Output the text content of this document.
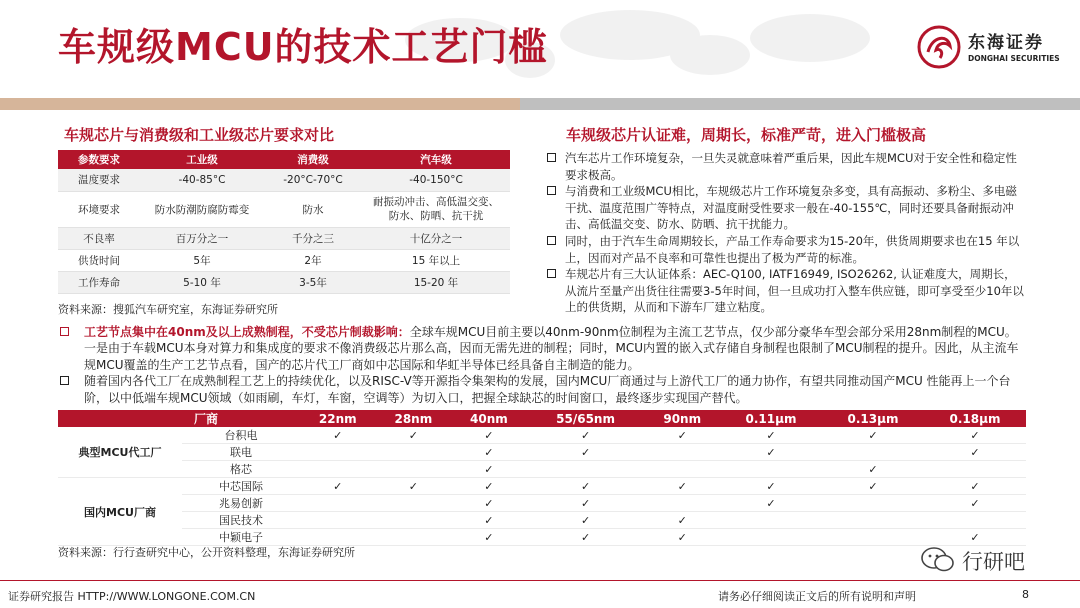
车规级MCU的技术工艺门槛	东海证券
DONGHAI SECURITIES
车规芯片与消费级和工业级芯片要求对比
参数要求	工业级	消费级	汽车级
温度要求	-40-85°C	-20°C-70°C	-40-150°C
环境要求	防水防潮防腐防霉变	防水	耐振动冲击、高低温交变、防水、防晒、抗干扰
不良率	百万分之一	千分之三	十亿分之一
供货时间	5年	2年	15 年以上
工作寿命	5-10 年	3-5年	15-20 年
资料来源：搜狐汽车研究室，东海证券研究所
车规级芯片认证难，周期长，标准严苛，进入门槛极高
汽车芯片工作环境复杂，一旦失灵就意味着严重后果，因此车规MCU对于安全性和稳定性要求极高。
与消费和工业级MCU相比，车规级芯片工作环境复杂多变，具有高振动、多粉尘、多电磁干扰、温度范围广等特点，对温度耐受性要求一般在-40-155℃，同时还要具备耐振动冲击、高低温交变、防水、防晒、抗干扰能力。
同时，由于汽车生命周期较长，产品工作寿命要求为15-20年，供货周期要求也在15 年以上，因而对产品不良率和可靠性也提出了极为严苛的标准。
车规芯片有三大认证体系：AEC-Q100, IATF16949, ISO26262, 认证难度大，周期长，从流片至量产出货往往需要3-5年时间，但一旦成功打入整车供应链，即可享受至少10年以上的供货期，从而和下游车厂建立粘度。
工艺节点集中在40nm及以上成熟制程，不受芯片制裁影响：全球车规MCU目前主要以40nm-90nm位制程为主流工艺节点，仅少部分豪华车型会部分采用28nm制程的MCU。一是由于车载MCU本身对算力和集成度的要求不像消费级芯片那么高，因而无需先进的制程；同时，MCU内置的嵌入式存储自身制程也限制了MCU制程的提升。因此，从主流车规MCU覆盖的生产工艺节点看，国产的芯片代工厂商如中芯国际和华虹半导体已经具备自主制造的能力。
随着国内各代工厂在成熟制程工艺上的持续优化，以及RISC-V等开源指令集架构的发展，国内MCU厂商通过与上游代工厂的通力协作，有望共同推动国产MCU 性能再上一个台阶，以中低端车规MCU领域（如雨刷，车灯，车窗，空调等）为切入口，把握全球缺芯的时间窗口，最终逐步实现国产替代。
	厂商	22nm	28nm	40nm	55/65nm	90nm	0.11μm	0.13μm	0.18μm
典型MCU代工厂	台积电	✓	✓	✓	✓	✓	✓	✓	✓
	联电			✓	✓		✓		✓
	格芯			✓				✓	
国内MCU厂商	中芯国际	✓	✓	✓	✓	✓	✓	✓	✓
	兆易创新			✓	✓		✓		✓
	国民技术			✓	✓	✓			
	中颖电子			✓	✓	✓			✓
资料来源：行行查研究中心，公开资料整理，东海证券研究所	行研吧
证券研究报告 HTTP://WWW.LONGONE.COM.CN	请务必仔细阅读正文后的所有说明和声明	8
